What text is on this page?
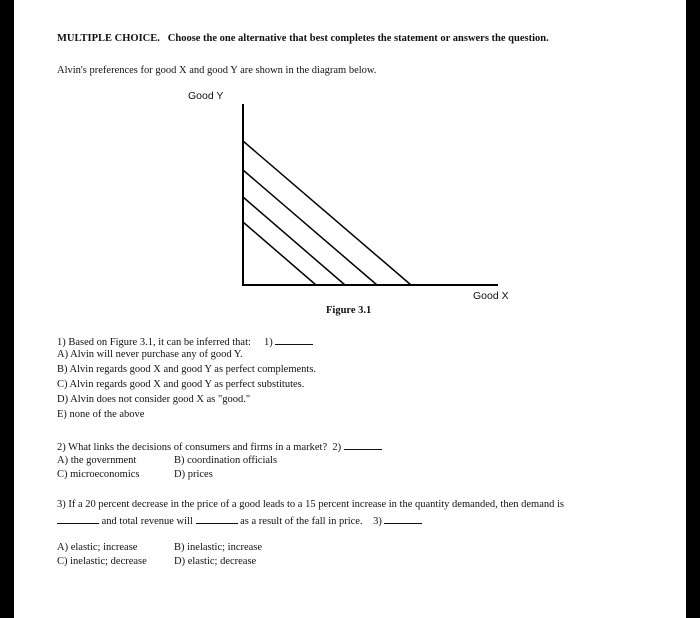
MULTIPLE CHOICE. Choose the one alternative that best completes the statement or answers the question.
Alvin's preferences for good X and good Y are shown in the diagram below.
Good Y
Good X
Figure 3.1
1) Based on Figure 3.1, it can be inferred that: 1)
A) Alvin will never purchase any of good Y.
B) Alvin regards good X and good Y as perfect complements.
C) Alvin regards good X and good Y as perfect substitutes.
D) Alvin does not consider good X as "good."
E) none of the above
2) What links the decisions of consumers and firms in a market? 2)
A) the government	B) coordination officials
C) microeconomics	D) prices
3) If a 20 percent decrease in the price of a good leads to a 15 percent increase in the quantity demanded, then demand is
and total revenue will	as a result of the fall in price. 3)
A) elastic; increase	B) inelastic; increase
C) inelastic; decrease	D) elastic; decrease
